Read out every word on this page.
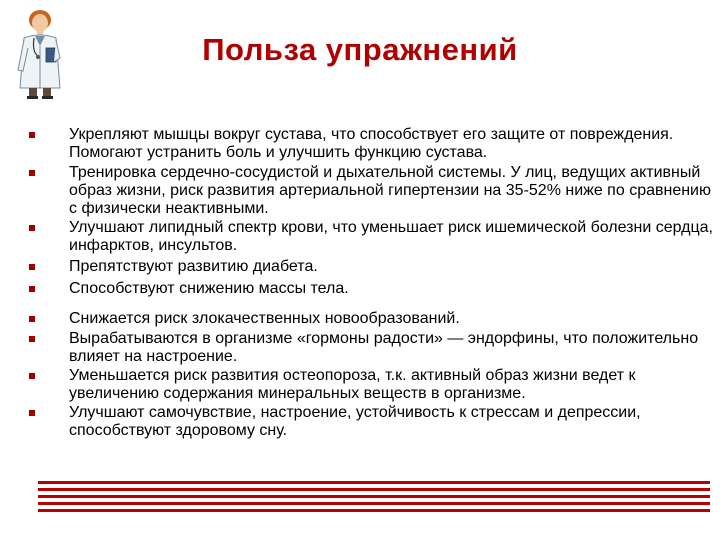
Польза упражнений
Укрепляют мышцы вокруг сустава, что способствует его защите от повреждения. Помогают устранить боль и улучшить функцию сустава.
Тренировка сердечно-сосудистой и дыхательной системы. У лиц, ведущих активный образ жизни, риск развития артериальной гипертензии на 35-52% ниже по сравнению с физически неактивными.
Улучшают липидный спектр крови, что уменьшает риск ишемической болезни сердца, инфарктов, инсультов.
Препятствуют развитию диабета.
Способствуют снижению массы тела.
Снижается риск злокачественных новообразований.
Вырабатываются в организме «гормоны радости» — эндорфины, что положительно влияет на настроение.
Уменьшается риск развития остеопороза, т.к. активный образ жизни ведет к увеличению содержания минеральных веществ в организме.
Улучшают самочувствие, настроение, устойчивость к стрессам и депрессии, способствуют здоровому сну.
